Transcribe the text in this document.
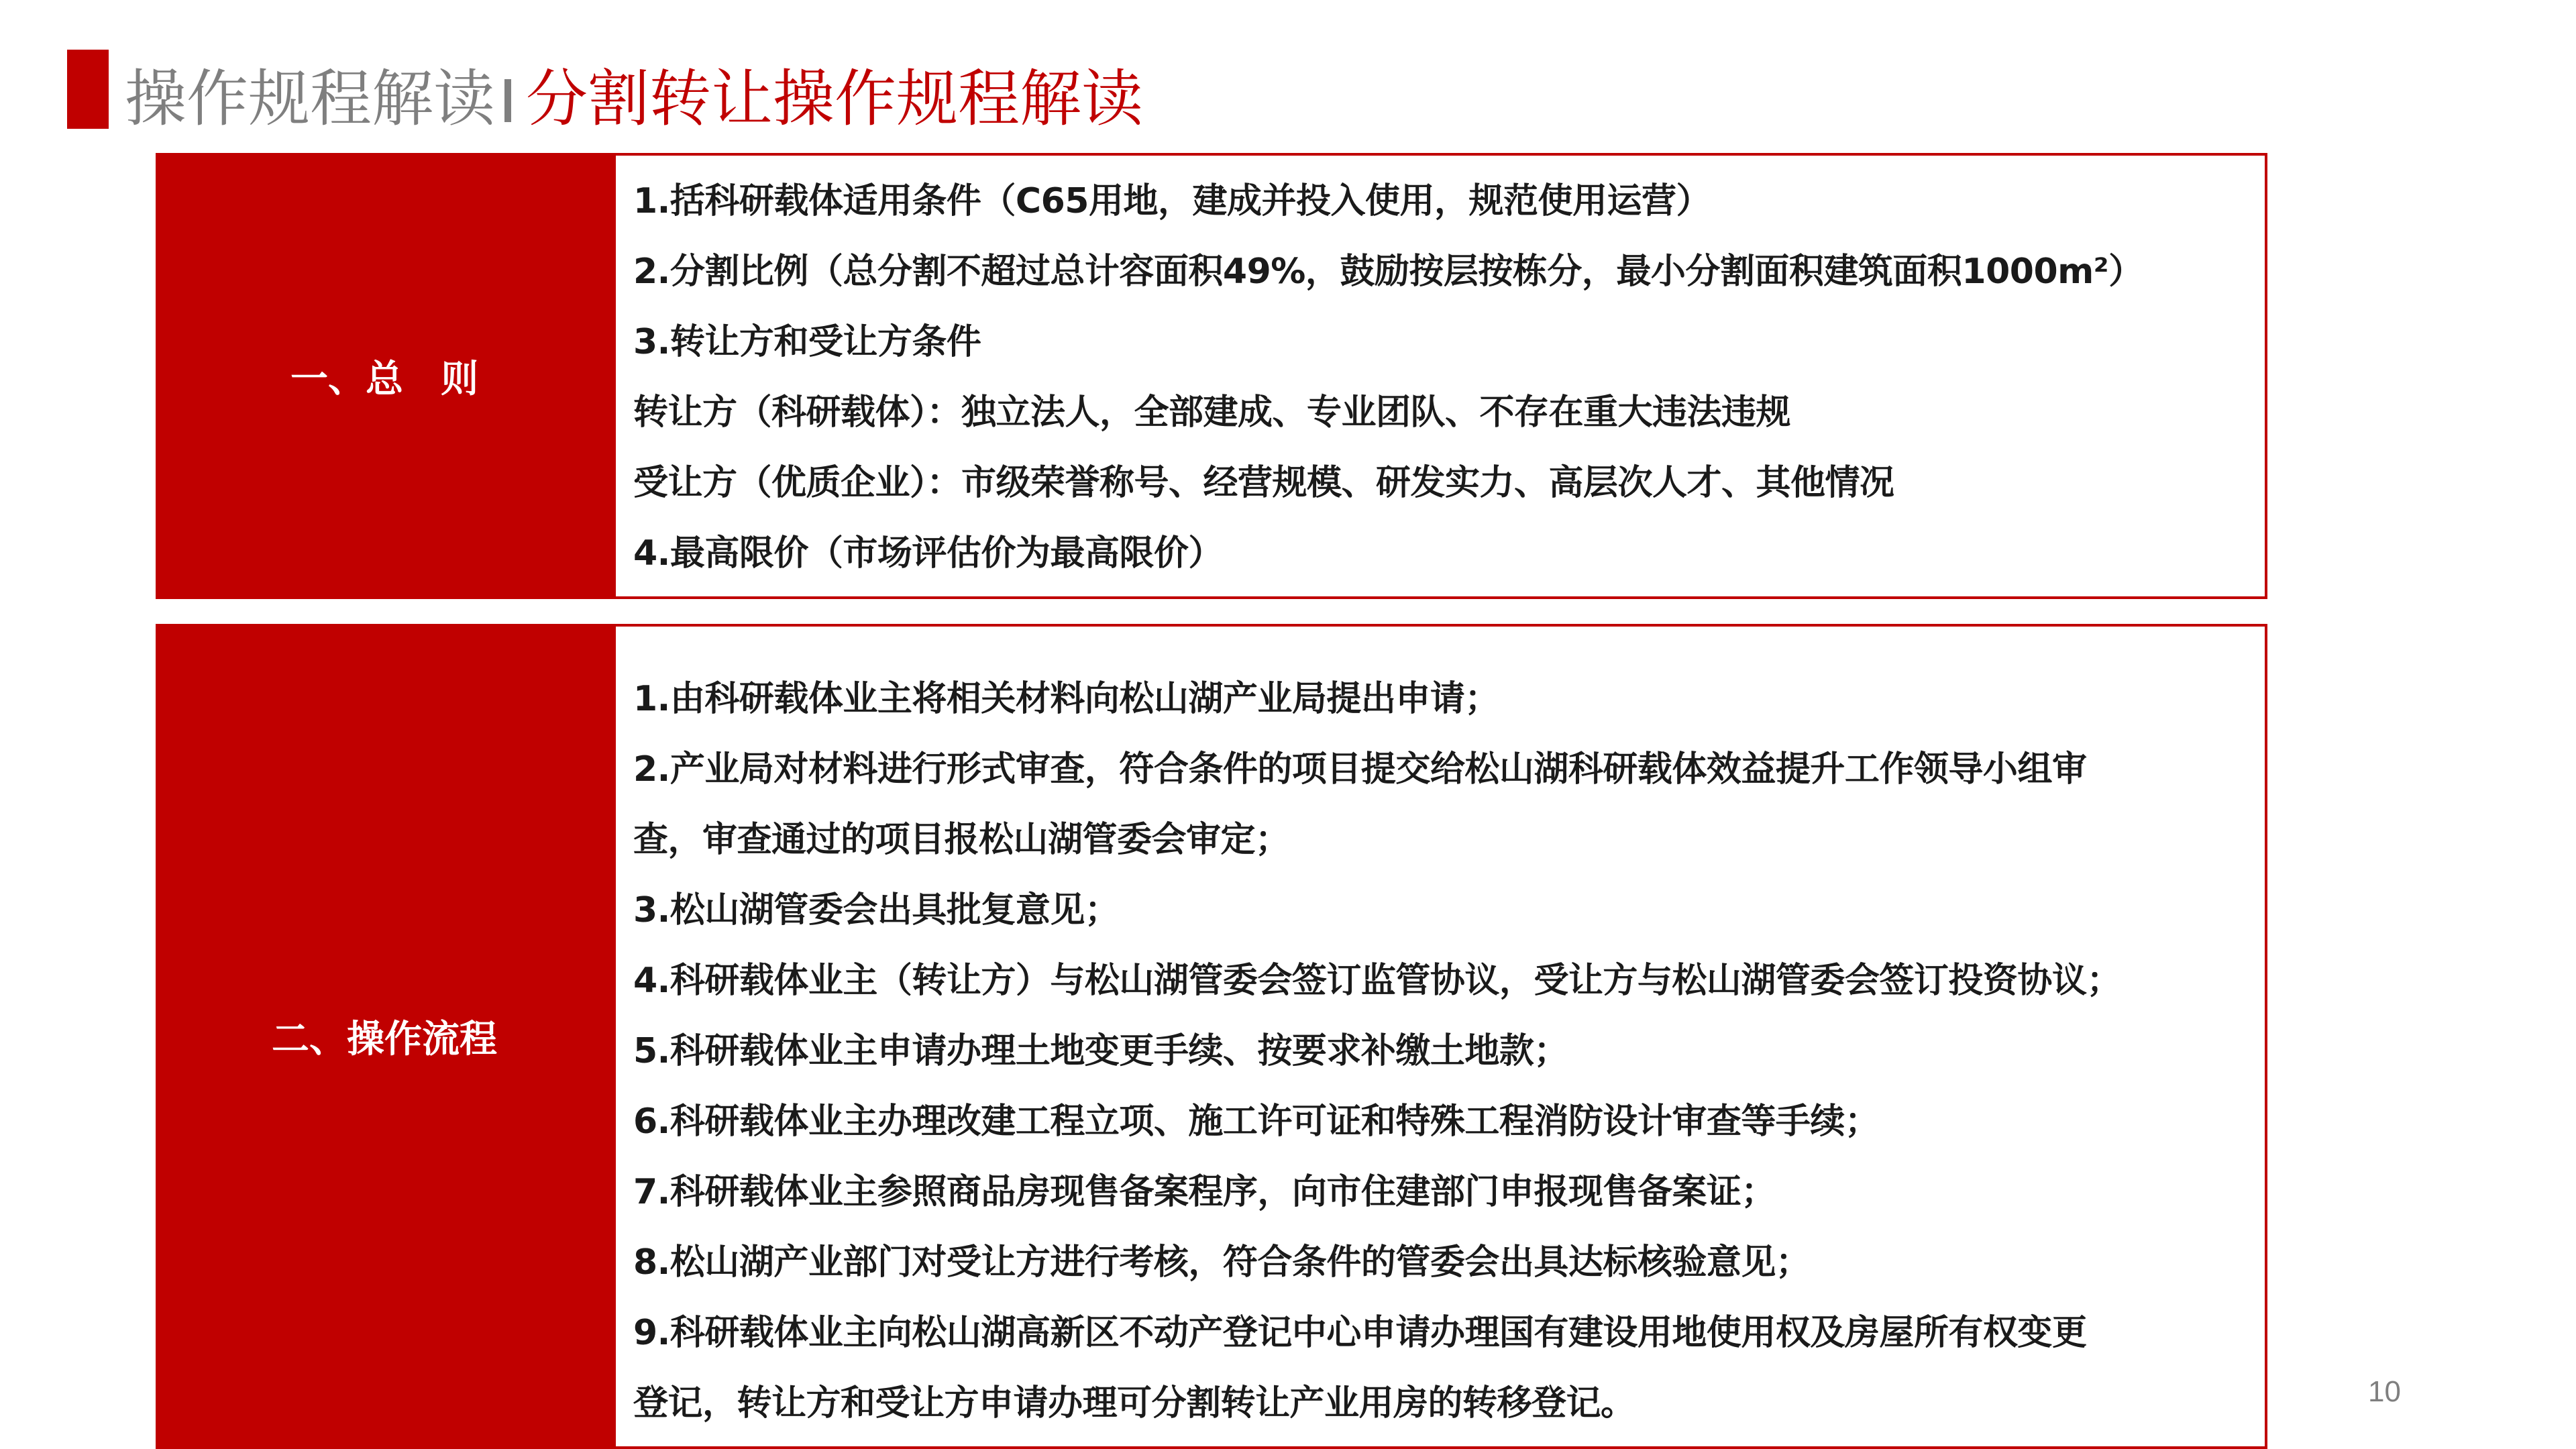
操作规程解读 分割转让操作规程解读
一、总　则
1.括科研载体适用条件（C65用地，建成并投入使用，规范使用运营）
2.分割比例（总分割不超过总计容面积49%，鼓励按层按栋分，最小分割面积建筑面积1000m²）
3.转让方和受让方条件
转让方（科研载体）：独立法人，全部建成、专业团队、不存在重大违法违规
受让方（优质企业）：市级荣誉称号、经营规模、研发实力、高层次人才、其他情况
4.最高限价（市场评估价为最高限价）
二、操作流程
1.由科研载体业主将相关材料向松山湖产业局提出申请；
2.产业局对材料进行形式审查，符合条件的项目提交给松山湖科研载体效益提升工作领导小组审
查，审查通过的项目报松山湖管委会审定；
3.松山湖管委会出具批复意见；
4.科研载体业主（转让方）与松山湖管委会签订监管协议，受让方与松山湖管委会签订投资协议；
5.科研载体业主申请办理土地变更手续、按要求补缴土地款；
6.科研载体业主办理改建工程立项、施工许可证和特殊工程消防设计审查等手续；
7.科研载体业主参照商品房现售备案程序，向市住建部门申报现售备案证；
8.松山湖产业部门对受让方进行考核，符合条件的管委会出具达标核验意见；
9.科研载体业主向松山湖高新区不动产登记中心申请办理国有建设用地使用权及房屋所有权变更
登记，转让方和受让方申请办理可分割转让产业用房的转移登记。	10
